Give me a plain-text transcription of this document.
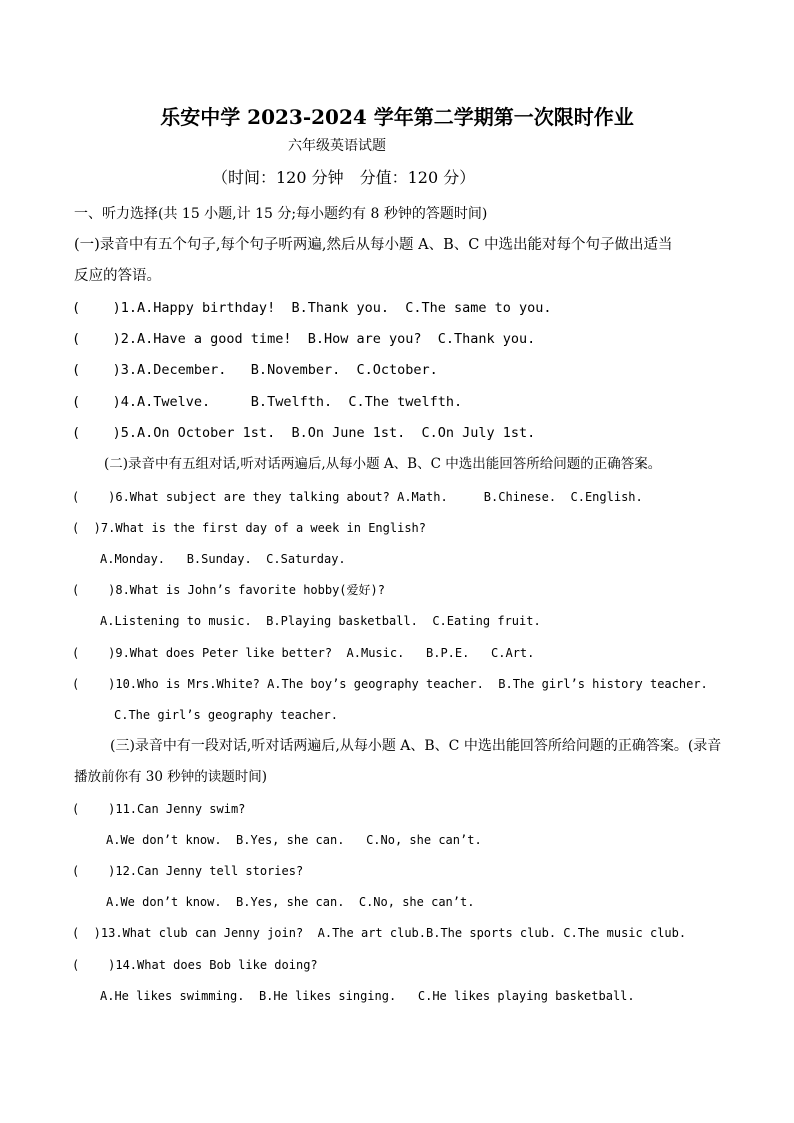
乐安中学 2023-2024 学年第二学期第一次限时作业
六年级英语试题
（时间：120 分钟　分值：120 分）
一、听力选择(共 15 小题,计 15 分;每小题约有 8 秒钟的答题时间)
(一)录音中有五个句子,每个句子听两遍,然后从每小题 A、B、C 中选出能对每个句子做出适当
反应的答语。
(    )1.A.Happy birthday!  B.Thank you.  C.The same to you.
(    )2.A.Have a good time!  B.How are you?  C.Thank you.
(    )3.A.December.   B.November.  C.October.
(    )4.A.Twelve.     B.Twelfth.  C.The twelfth.
(    )5.A.On October 1st.  B.On June 1st.  C.On July 1st.
(二)录音中有五组对话,听对话两遍后,从每小题 A、B、C 中选出能回答所给问题的正确答案。
(    )6.What subject are they talking about? A.Math.     B.Chinese.  C.English.
(  )7.What is the first day of a week in English?
A.Monday.   B.Sunday.  C.Saturday.
(    )8.What is John’s favorite hobby(爱好)?
A.Listening to music.  B.Playing basketball.  C.Eating fruit.
(    )9.What does Peter like better?  A.Music.   B.P.E.   C.Art.
(    )10.Who is Mrs.White? A.The boy’s geography teacher.  B.The girl’s history teacher.
C.The girl’s geography teacher.
(三)录音中有一段对话,听对话两遍后,从每小题 A、B、C 中选出能回答所给问题的正确答案。(录音
播放前你有 30 秒钟的读题时间)
(    )11.Can Jenny swim?
A.We don’t know.  B.Yes, she can.   C.No, she can’t.
(    )12.Can Jenny tell stories?
A.We don’t know.  B.Yes, she can.  C.No, she can’t.
(  )13.What club can Jenny join?  A.The art club.B.The sports club. C.The music club.
(    )14.What does Bob like doing?
A.He likes swimming.  B.He likes singing.   C.He likes playing basketball.
